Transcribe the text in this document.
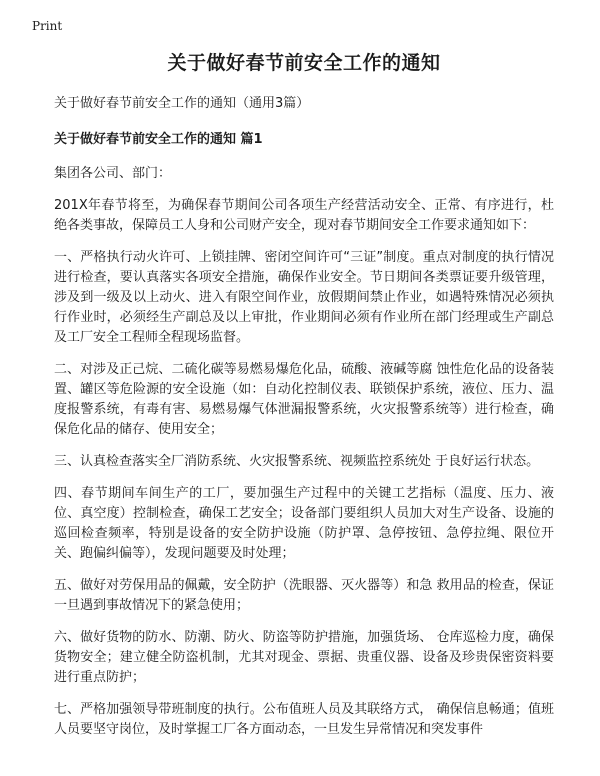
Print
关于做好春节前安全工作的通知
关于做好春节前安全工作的通知（通用3篇）
关于做好春节前安全工作的通知 篇1
集团各公司、部门：
201X年春节将至，为确保春节期间公司各项生产经营活动安全、正常、有序进行，杜绝各类事故，保障员工人身和公司财产安全，现对春节期间安全工作要求通知如下：
一、严格执行动火许可、上锁挂牌、密闭空间许可“三证”制度。重点对制度的执行情况进行检查，要认真落实各项安全措施，确保作业安全。节日期间各类票证要升级管理，涉及到一级及以上动火、进入有限空间作业，放假期间禁止作业，如遇特殊情况必须执行作业时，必须经生产副总及以上审批，作业期间必须有作业所在部门经理或生产副总及工厂安全工程师全程现场监督。
二、对涉及正己烷、二硫化碳等易燃易爆危化品，硫酸、液碱等腐 蚀性危化品的设备装置、罐区等危险源的安全设施（如：自动化控制仪表、联锁保护系统，液位、压力、温度报警系统，有毒有害、易燃易爆气体泄漏报警系统，火灾报警系统等）进行检查，确保危化品的储存、使用安全；
三、认真检查落实全厂消防系统、火灾报警系统、视频监控系统处 于良好运行状态。
四、春节期间车间生产的工厂，要加强生产过程中的关键工艺指标（温度、压力、液位、真空度）控制检查，确保工艺安全；设备部门要组织人员加大对生产设备、设施的巡回检查频率，特别是设备的安全防护设施（防护罩、急停按钮、急停拉绳、限位开关、跑偏纠偏等），发现问题要及时处理；
五、做好对劳保用品的佩戴，安全防护（洗眼器、灭火器等）和急 救用品的检查，保证一旦遇到事故情况下的紧急使用；
六、做好货物的防水、防潮、防火、防盗等防护措施，加强货场、 仓库巡检力度，确保货物安全；建立健全防盗机制，尤其对现金、票据、贵重仪器、设备及珍贵保密资料要进行重点防护；
七、严格加强领导带班制度的执行。公布值班人员及其联络方式， 确保信息畅通；值班人员要坚守岗位，及时掌握工厂各方面动态，一旦发生异常情况和突发事件
